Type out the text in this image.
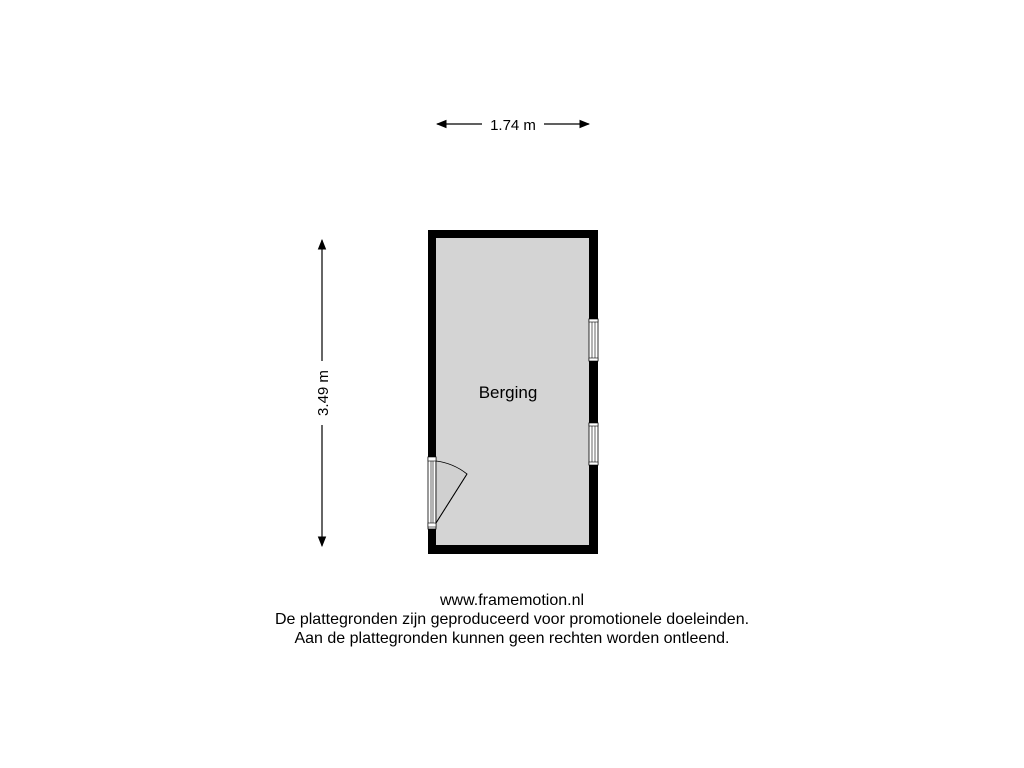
1.74 m
3.49 m	Berging
www.framemotion.nl
De plattegronden zijn geproduceerd voor promotionele doeleinden.
Aan de plattegronden kunnen geen rechten worden ontleend.
